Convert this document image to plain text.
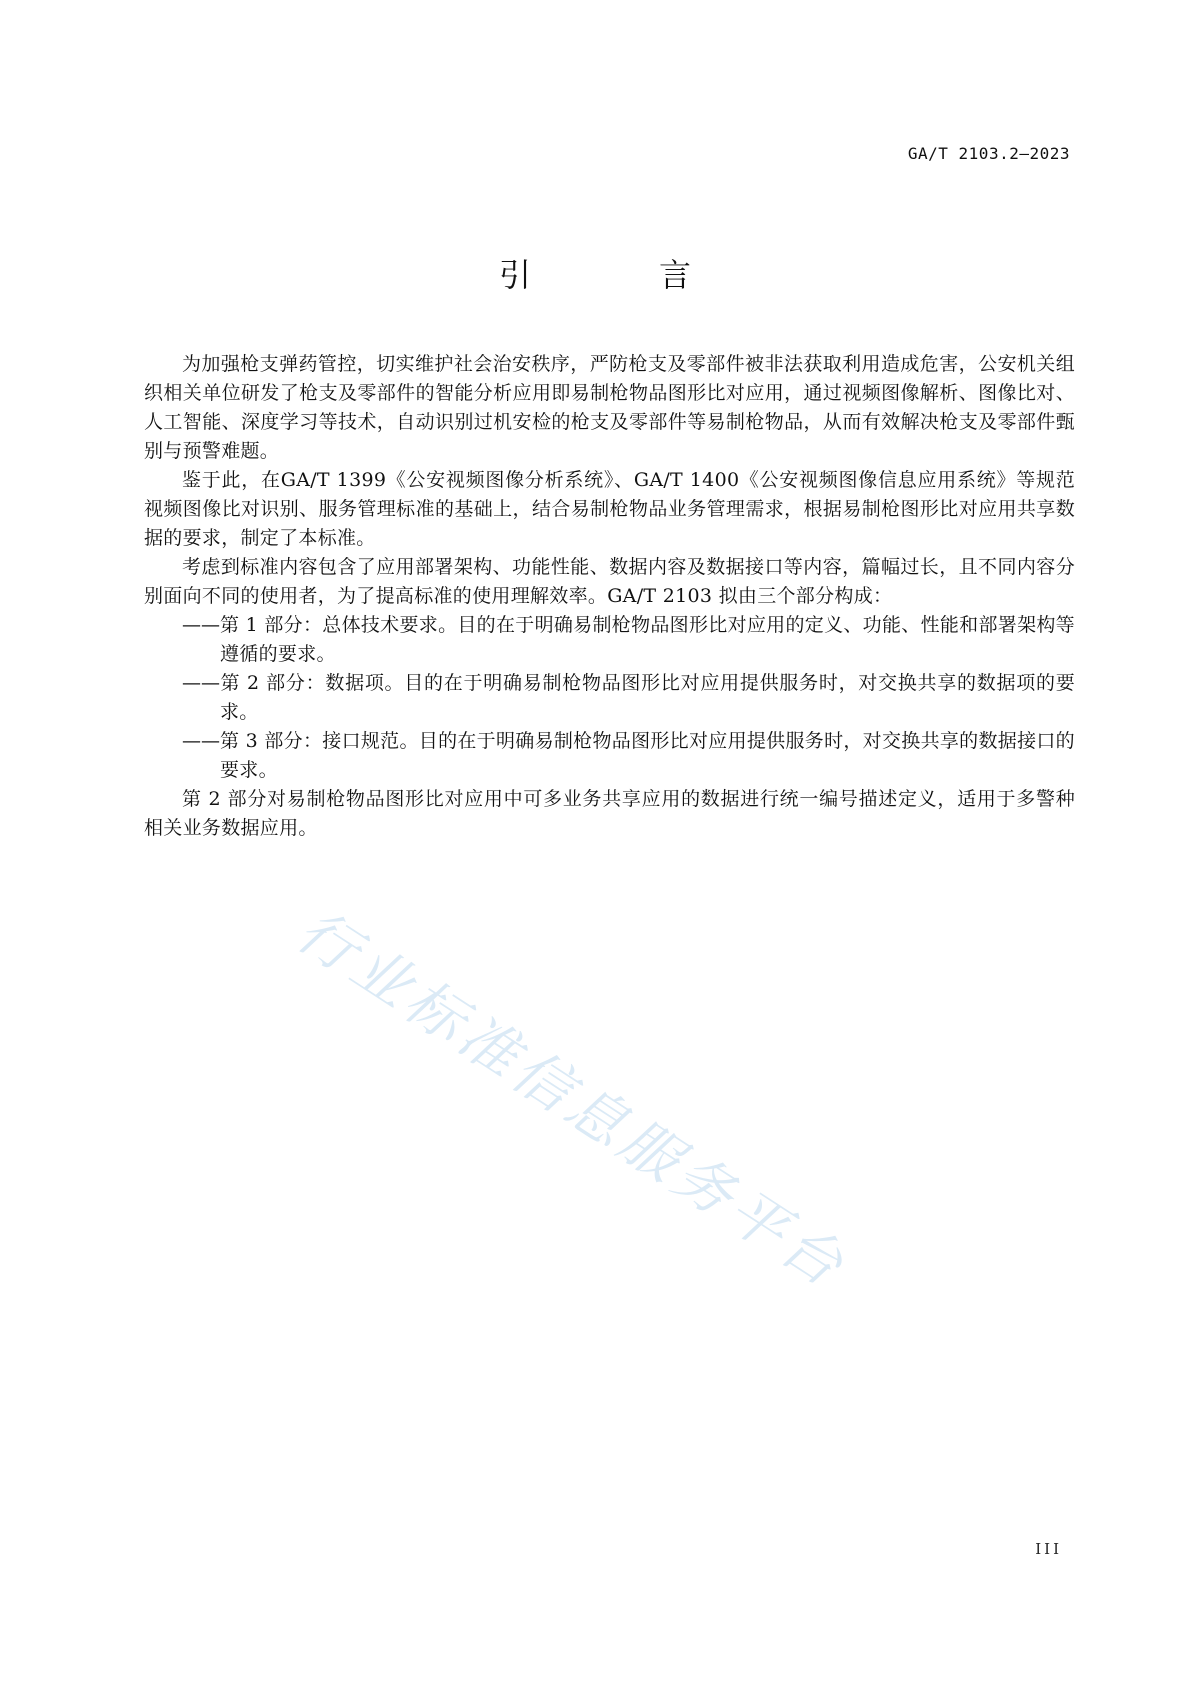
GA/T 2103.2—2023
引　言

为加强枪支弹药管控，切实维护社会治安秩序，严防枪支及零部件被非法获取利用造成危害，公安机关组织相关单位研发了枪支及零部件的智能分析应用即易制枪物品图形比对应用，通过视频图像解析、图像比对、人工智能、深度学习等技术，自动识别过机安检的枪支及零部件等易制枪物品，从而有效解决枪支及零部件甄别与预警难题。

鉴于此，在GA/T 1399《公安视频图像分析系统》、GA/T 1400《公安视频图像信息应用系统》等规范视频图像比对识别、服务管理标准的基础上，结合易制枪物品业务管理需求，根据易制枪图形比对应用共享数据的要求，制定了本标准。

考虑到标准内容包含了应用部署架构、功能性能、数据内容及数据接口等内容，篇幅过长，且不同内容分别面向不同的使用者，为了提高标准的使用理解效率。GA/T 2103 拟由三个部分构成：

——第 1 部分：总体技术要求。目的在于明确易制枪物品图形比对应用的定义、功能、性能和部署架构等遵循的要求。

——第 2 部分：数据项。目的在于明确易制枪物品图形比对应用提供服务时，对交换共享的数据项的要求。

——第 3 部分：接口规范。目的在于明确易制枪物品图形比对应用提供服务时，对交换共享的数据接口的要求。

第 2 部分对易制枪物品图形比对应用中可多业务共享应用的数据进行统一编号描述定义，适用于多警种相关业务数据应用。

行业标准信息服务平台
III
